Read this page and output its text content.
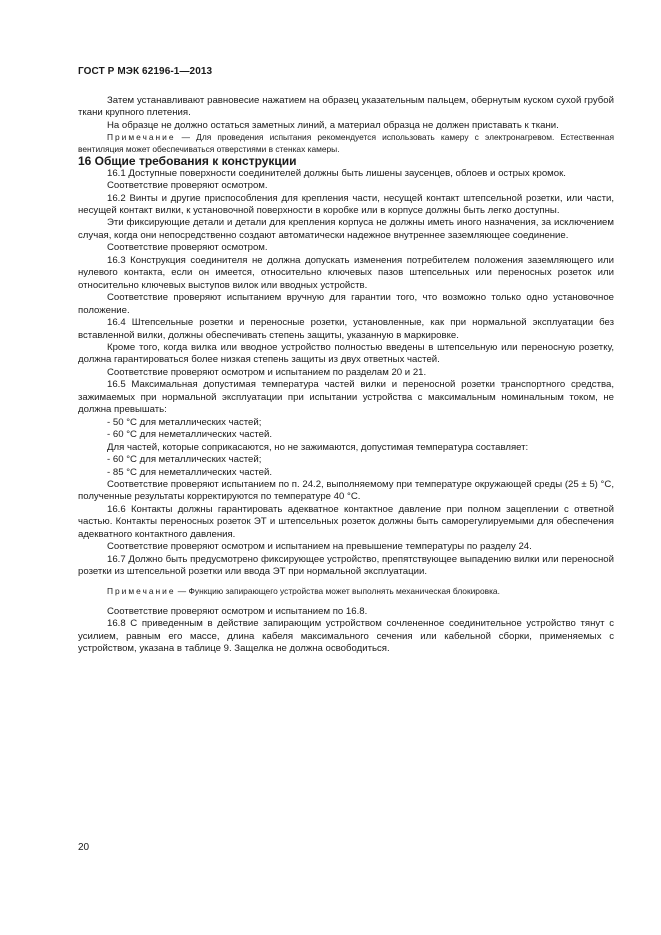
ГОСТ Р МЭК 62196-1—2013

Затем устанавливают равновесие нажатием на образец указательным пальцем, обернутым куском сухой грубой ткани крупного плетения.

На образце не должно остаться заметных линий, а материал образца не должен приставать к ткани.

Примечание — Для проведения испытания рекомендуется использовать камеру с электронагревом. Естественная вентиляция может обеспечиваться отверстиями в стенках камеры.

16 Общие требования к конструкции

16.1 Доступные поверхности соединителей должны быть лишены заусенцев, облоев и острых кромок.

Соответствие проверяют осмотром.

16.2 Винты и другие приспособления для крепления части, несущей контакт штепсельной розетки, или части, несущей контакт вилки, к установочной поверхности в коробке или в корпусе должны быть легко доступны.

Эти фиксирующие детали и детали для крепления корпуса не должны иметь иного назначения, за исключением случая, когда они непосредственно создают автоматически надежное внутреннее заземляющее соединение.

Соответствие проверяют осмотром.

16.3 Конструкция соединителя не должна допускать изменения потребителем положения заземляющего или нулевого контакта, если он имеется, относительно ключевых пазов штепсельных или переносных розеток или относительно ключевых выступов вилок или вводных устройств.

Соответствие проверяют испытанием вручную для гарантии того, что возможно только одно установочное положение.

16.4 Штепсельные розетки и переносные розетки, установленные, как при нормальной эксплуатации без вставленной вилки, должны обеспечивать степень защиты, указанную в маркировке.

Кроме того, когда вилка или вводное устройство полностью введены в штепсельную или переносную розетку, должна гарантироваться более низкая степень защиты из двух ответных частей.

Соответствие проверяют осмотром и испытанием по разделам 20 и 21.

16.5 Максимальная допустимая температура частей вилки и переносной розетки транспортного средства, зажимаемых при нормальной эксплуатации при испытании устройства с максимальным номинальным током, не должна превышать:

- 50 °С для металлических частей;

- 60 °С для неметаллических частей.

Для частей, которые соприкасаются, но не зажимаются, допустимая температура составляет:

- 60 °С для металлических частей;

- 85 °С для неметаллических частей.

Соответствие проверяют испытанием по п. 24.2, выполняемому при температуре окружающей среды (25 ± 5) °С, полученные результаты корректируются по температуре 40 °С.

16.6 Контакты должны гарантировать адекватное контактное давление при полном зацеплении с ответной частью. Контакты переносных розеток ЭТ и штепсельных розеток должны быть саморегулируемыми для обеспечения адекватного контактного давления.

Соответствие проверяют осмотром и испытанием на превышение температуры по разделу 24.

16.7 Должно быть предусмотрено фиксирующее устройство, препятствующее выпадению вилки или переносной розетки из штепсельной розетки или ввода ЭТ при нормальной эксплуатации.

Примечание — Функцию запирающего устройства может выполнять механическая блокировка.

Соответствие проверяют осмотром и испытанием по 16.8.

16.8 С приведенным в действие запирающим устройством сочлененное соединительное устройство тянут с усилием, равным его массе, длина кабеля максимального сечения или кабельной сборки, применяемых с устройством, указана в таблице 9. Защелка не должна освободиться.

20
